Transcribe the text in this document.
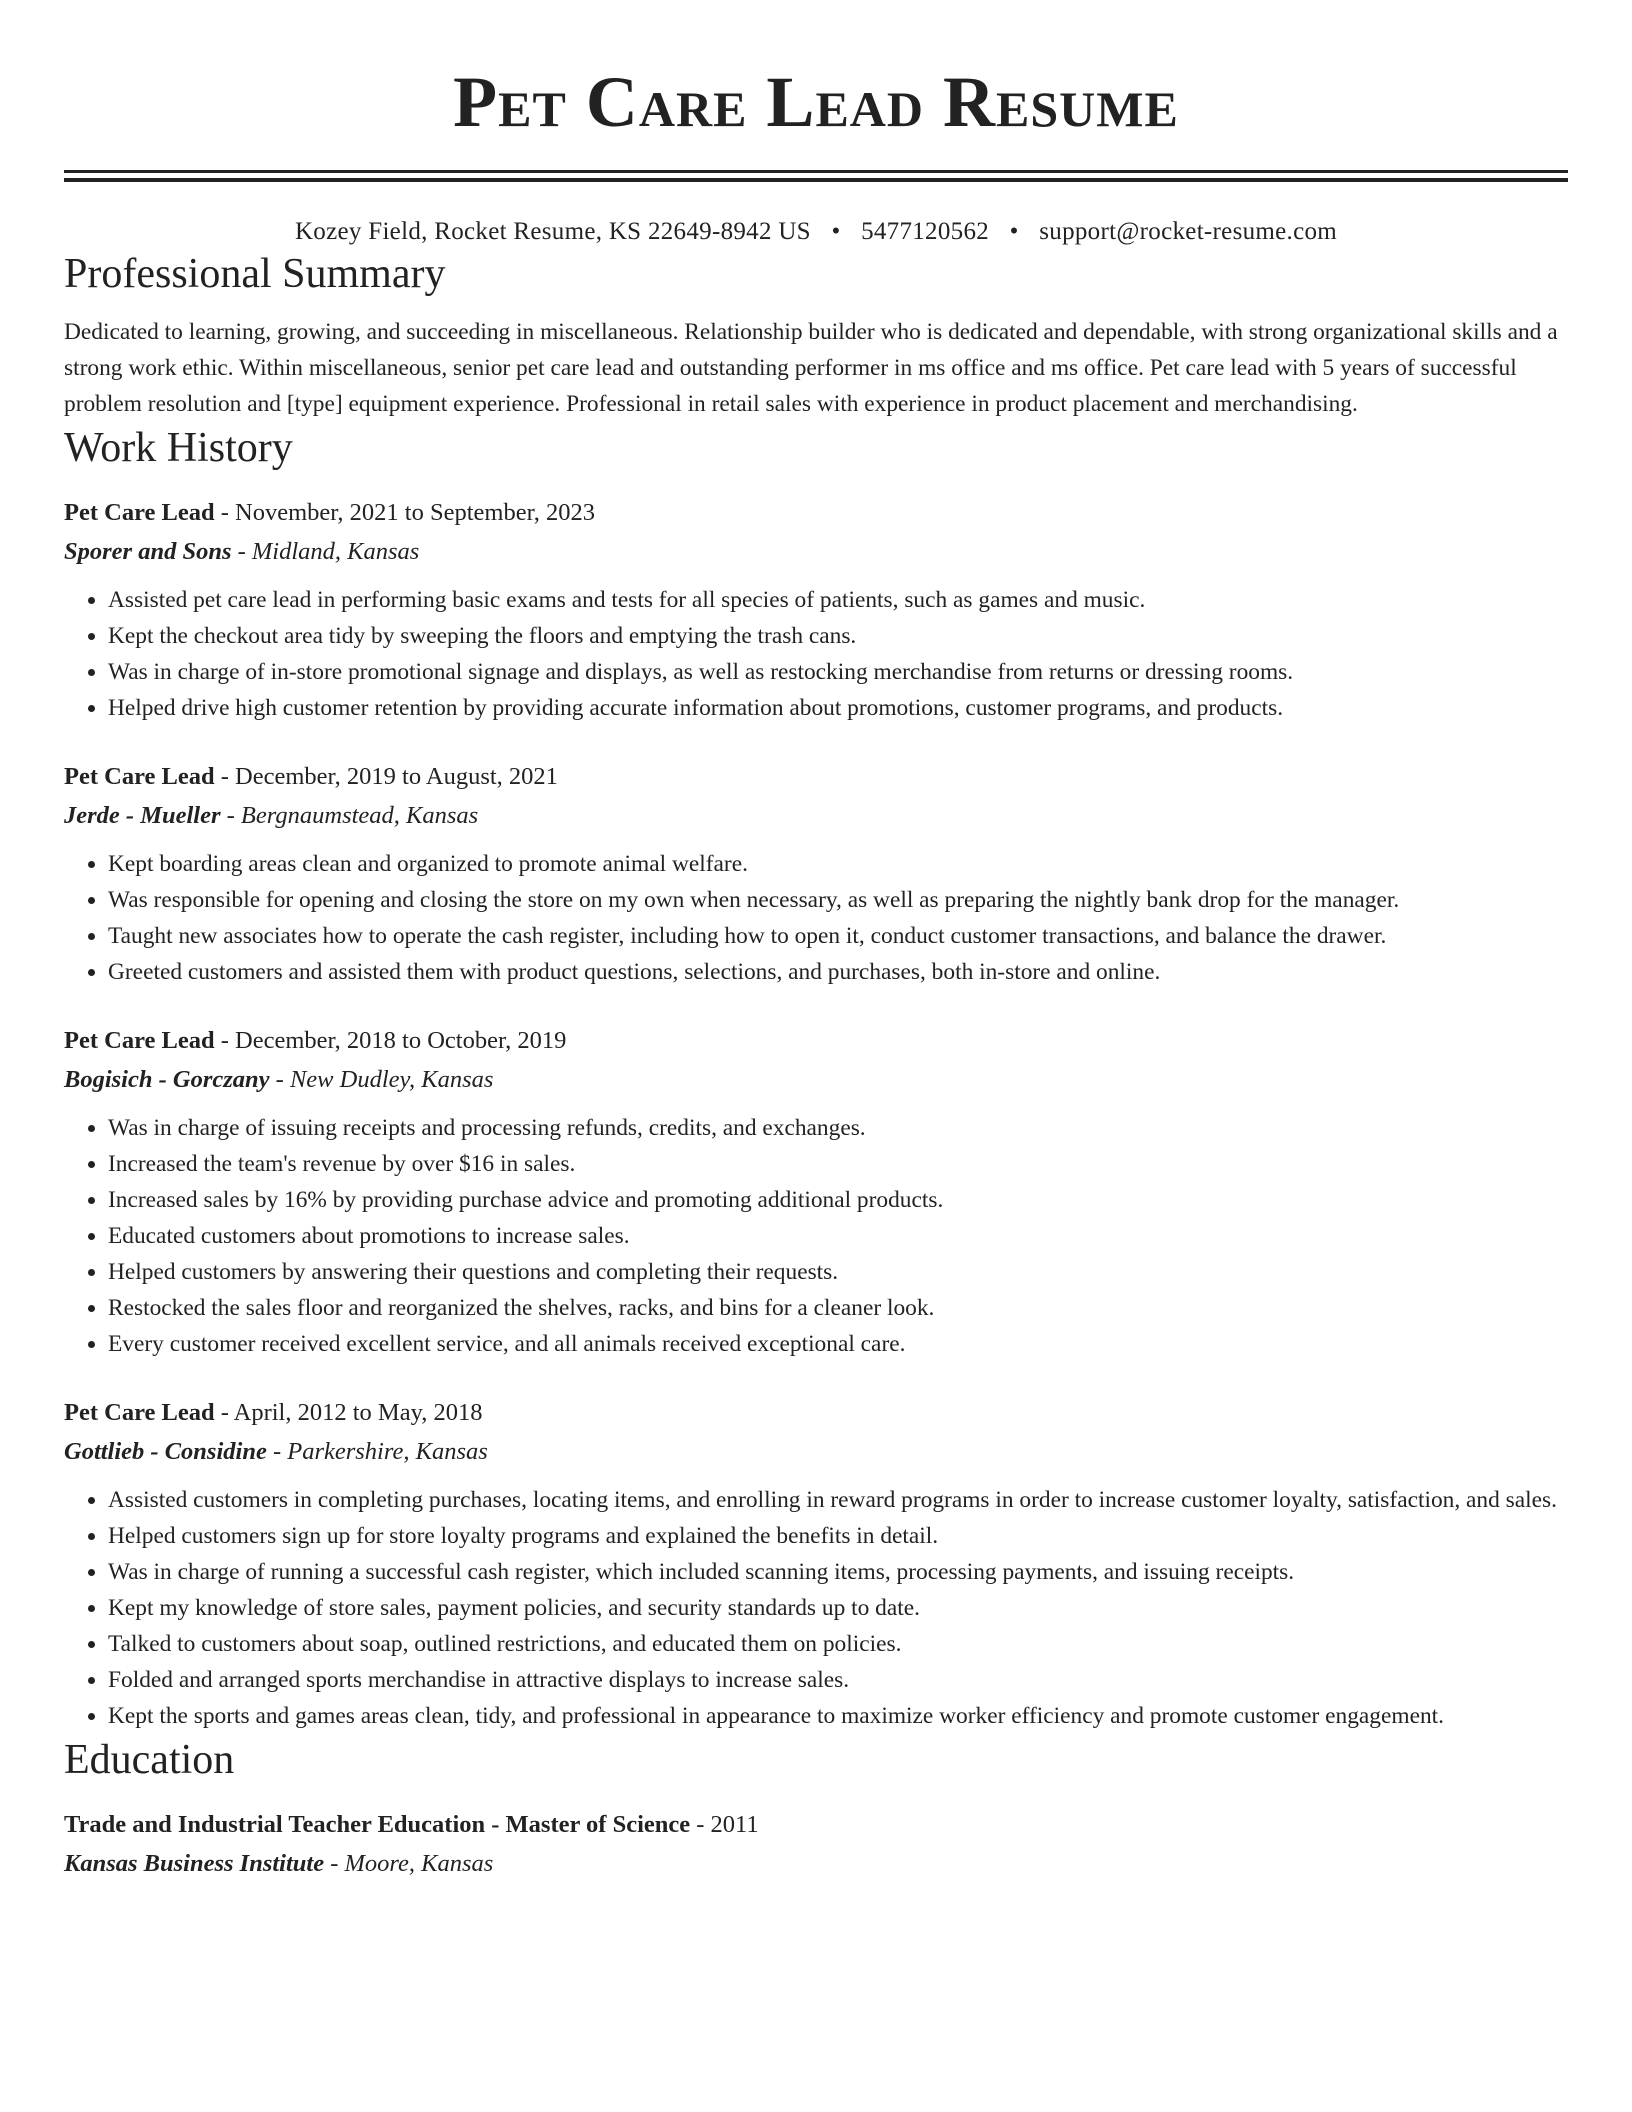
Pet Care Lead Resume
Kozey Field, Rocket Resume, KS 22649-8942 US • 5477120562 • support@rocket-resume.com
Professional Summary

Dedicated to learning, growing, and succeeding in miscellaneous. Relationship builder who is dedicated and dependable, with strong organizational skills and a strong work ethic. Within miscellaneous, senior pet care lead and outstanding performer in ms office and ms office. Pet care lead with 5 years of successful problem resolution and [type] equipment experience. Professional in retail sales with experience in product placement and merchandising.

Work History
Pet Care Lead - November, 2021 to September, 2023
Sporer and Sons - Midland, Kansas
• Assisted pet care lead in performing basic exams and tests for all species of patients, such as games and music.
• Kept the checkout area tidy by sweeping the floors and emptying the trash cans.
• Was in charge of in-store promotional signage and displays, as well as restocking merchandise from returns or dressing rooms.
• Helped drive high customer retention by providing accurate information about promotions, customer programs, and products.
Pet Care Lead - December, 2019 to August, 2021
Jerde - Mueller - Bergnaumstead, Kansas
• Kept boarding areas clean and organized to promote animal welfare.
• Was responsible for opening and closing the store on my own when necessary, as well as preparing the nightly bank drop for the manager.
• Taught new associates how to operate the cash register, including how to open it, conduct customer transactions, and balance the drawer.
• Greeted customers and assisted them with product questions, selections, and purchases, both in-store and online.
Pet Care Lead - December, 2018 to October, 2019
Bogisich - Gorczany - New Dudley, Kansas
• Was in charge of issuing receipts and processing refunds, credits, and exchanges.
• Increased the team's revenue by over $16 in sales.
• Increased sales by 16% by providing purchase advice and promoting additional products.
• Educated customers about promotions to increase sales.
• Helped customers by answering their questions and completing their requests.
• Restocked the sales floor and reorganized the shelves, racks, and bins for a cleaner look.
• Every customer received excellent service, and all animals received exceptional care.
Pet Care Lead - April, 2012 to May, 2018
Gottlieb - Considine - Parkershire, Kansas
• Assisted customers in completing purchases, locating items, and enrolling in reward programs in order to increase customer loyalty, satisfaction, and sales.
• Helped customers sign up for store loyalty programs and explained the benefits in detail.
• Was in charge of running a successful cash register, which included scanning items, processing payments, and issuing receipts.
• Kept my knowledge of store sales, payment policies, and security standards up to date.
• Talked to customers about soap, outlined restrictions, and educated them on policies.
• Folded and arranged sports merchandise in attractive displays to increase sales.
• Kept the sports and games areas clean, tidy, and professional in appearance to maximize worker efficiency and promote customer engagement.
Education
Trade and Industrial Teacher Education - Master of Science - 2011
Kansas Business Institute - Moore, Kansas
